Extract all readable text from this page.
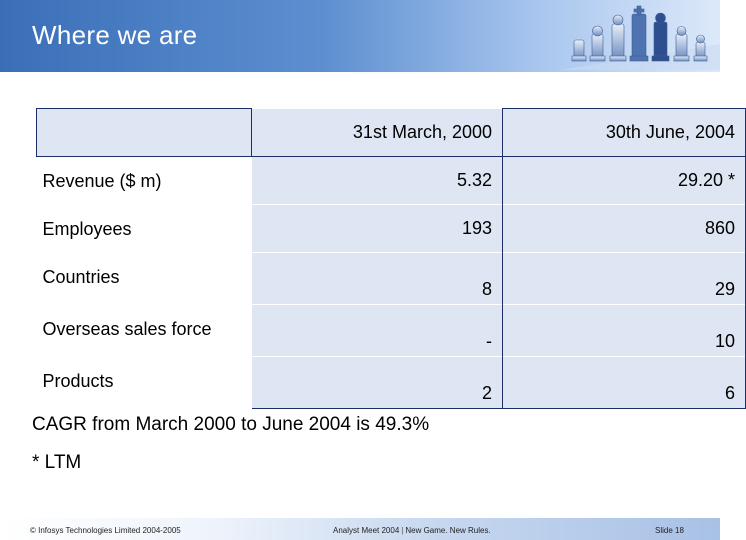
Where we are
	31st March, 2000	30th June, 2004
Revenue ($ m)	5.32	29.20 *
Employees	193	860
Countries	8	29
Overseas sales force	-	10
Products	2	6
CAGR from March 2000 to June 2004 is 49.3%
* LTM
© Infosys Technologies Limited 2004-2005	Analyst Meet 2004 | New Game. New Rules.	Slide 18
